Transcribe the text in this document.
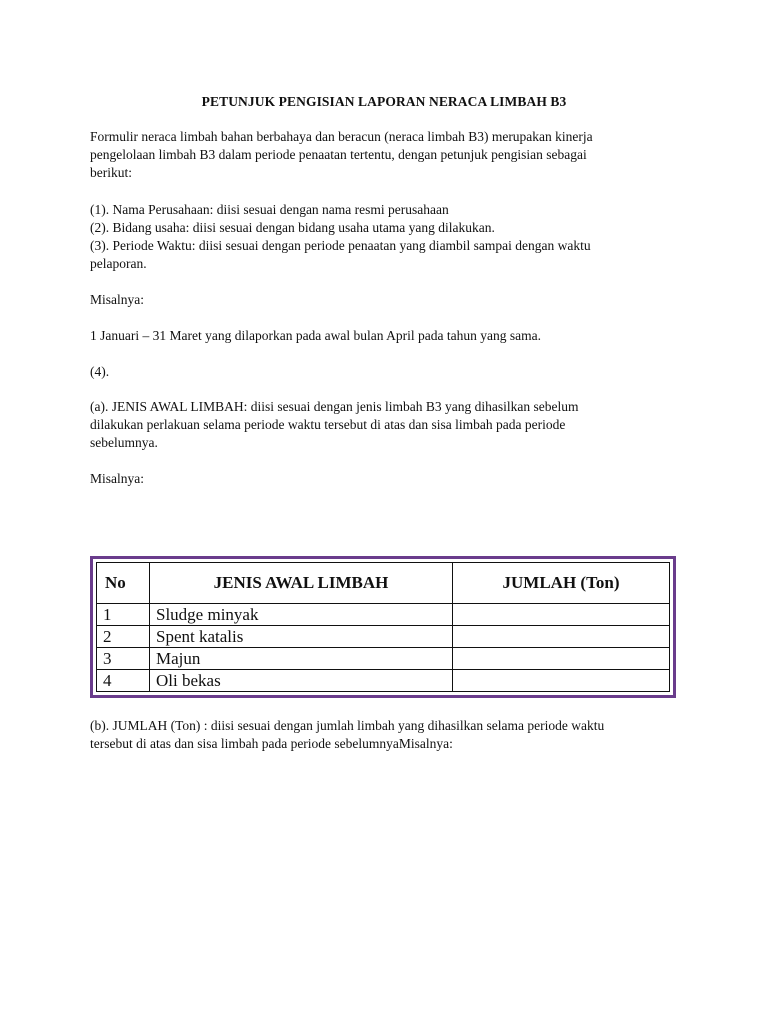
PETUNJUK PENGISIAN LAPORAN NERACA LIMBAH B3

Formulir neraca limbah bahan berbahaya dan beracun (neraca limbah B3) merupakan kinerja
pengelolaan limbah B3 dalam periode penaatan tertentu, dengan petunjuk pengisian sebagai
berikut:

(1). Nama Perusahaan: diisi sesuai dengan nama resmi perusahaan
(2). Bidang usaha: diisi sesuai dengan bidang usaha utama yang dilakukan.
(3). Periode Waktu: diisi sesuai dengan periode penaatan yang diambil sampai dengan waktu
pelaporan.

Misalnya:

1 Januari – 31 Maret yang dilaporkan pada awal bulan April pada tahun yang sama.

(4).

(a). JENIS AWAL LIMBAH: diisi sesuai dengan jenis limbah B3 yang dihasilkan sebelum
dilakukan perlakuan selama periode waktu tersebut di atas dan sisa limbah pada periode
sebelumnya.

Misalnya:

No	JENIS AWAL LIMBAH	JUMLAH (Ton)
1	Sludge minyak	
2	Spent katalis	
3	Majun	
4	Oli bekas	

(b). JUMLAH (Ton) : diisi sesuai dengan jumlah limbah yang dihasilkan selama periode waktu
tersebut di atas dan sisa limbah pada periode sebelumnyaMisalnya:
